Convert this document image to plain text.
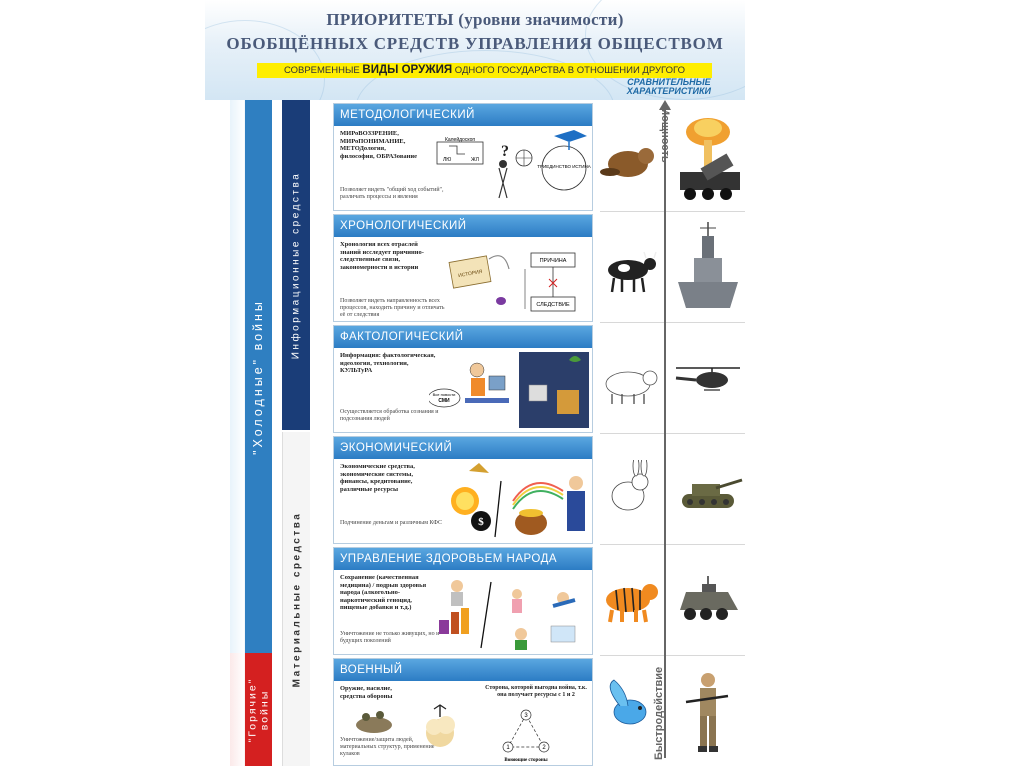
ПРИОРИТЕТЫ (уровни значимости)
ОБОБЩЁННЫХ СРЕДСТВ УПРАВЛЕНИЯ ОБЩЕСТВОМ
СОВРЕМЕННЫЕ ВИДЫ ОРУЖИЯ ОДНОГО ГОСУДАРСТВА В ОТНОШЕНИИ ДРУГОГО
СРАВНИТЕЛЬНЫЕ
ХАРАКТЕРИСТИКИ
"Холодные" войны
"Горячие" войны
Информационные средства
Материальные средства
МЕТОДОЛОГИЧЕСКИЙ
МИРоВОЗЗРЕНИЕ, МИРоПОНИМАНИЕ, МЕТОДология, философия, ОБРАЗование
Позволяет видеть "общий ход событий", различать процессы и явления
Калейдоскоп
ЛЮ	ЖЛ ?
ТРИЕДИНСТВО ИСТИНА
ХРОНОЛОГИЧЕСКИЙ
Хронология всех отраслей знаний исследует причинно-следственные связи, закономерности в истории
Позволяет видеть направленность всех процессов, находить причину и отличать её от следствия
ИСТОРИЯ
ПРИЧИНА
СЛЕДСТВИЕ
ФАКТОЛОГИЧЕСКИЙ
Информация: фактологическая, идеология, технологии, КУЛЬТуРА
Осуществляется обработка сознания и подсознания людей
Все новости
СМИ
ЭКОНОМИЧЕСКИЙ
Экономические средства, экономические системы, финансы, кредитование, различные ресурсы
Подчинение деньгам и различным КФС	$
УПРАВЛЕНИЕ ЗДОРОВЬЕМ НАРОДА
Сохранение (качественная медицина) / подрыв здоровья народа (алкогольно-наркотический геноцид, пищевые добавки и т.д.)
Уничтожение не только живущих, но и будущих поколений
ВОЕННЫЙ
Оружие, насилие, средства обороны
Уничтожение/защита людей, материальных структур, применение кулаков
Сторона, которой выгодна война, т.к. она получает ресурсы с 1 и 2
3
1	2
Воюющие стороны
Мощность
Быстродействие
